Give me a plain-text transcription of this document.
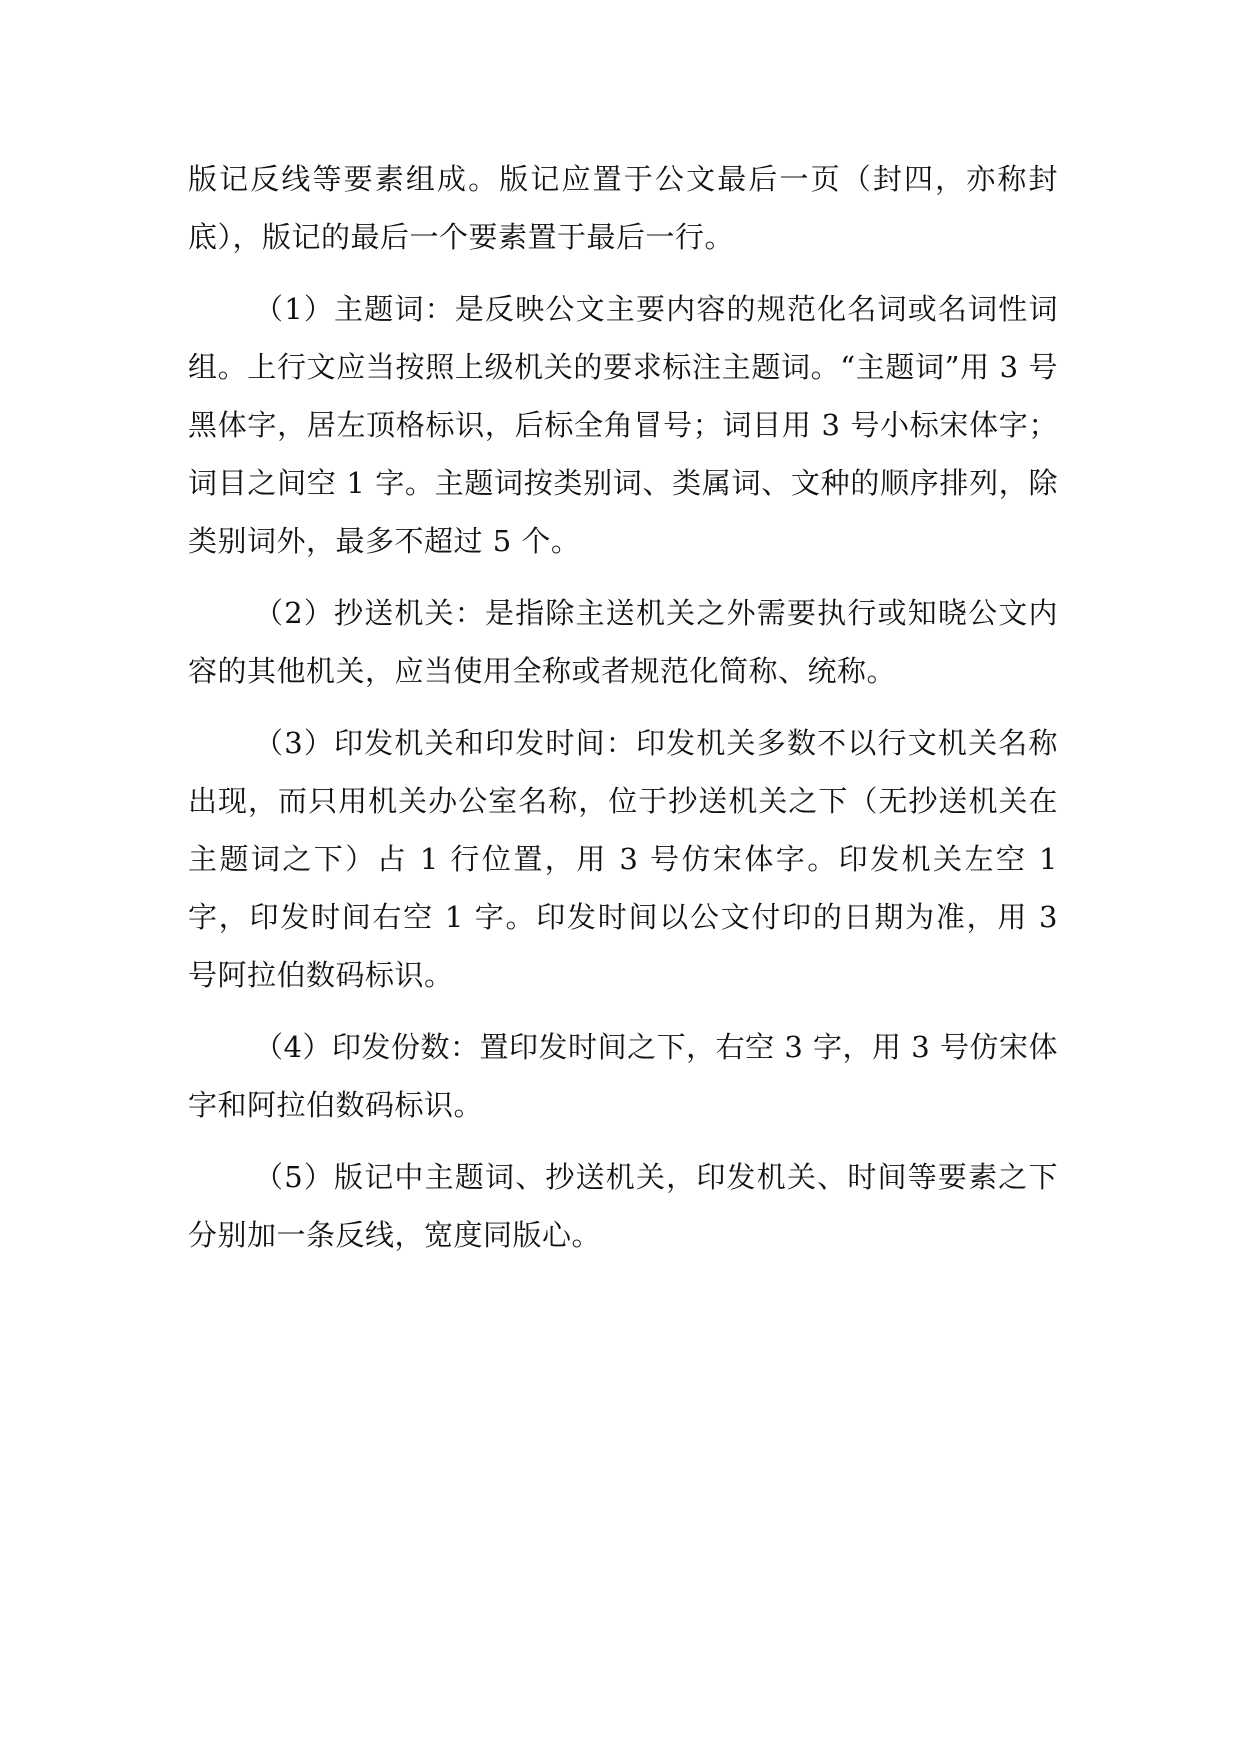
版记反线等要素组成。版记应置于公文最后一页（封四，亦称封底），版记的最后一个要素置于最后一行。

（1）主题词：是反映公文主要内容的规范化名词或名词性词组。上行文应当按照上级机关的要求标注主题词。“主题词”用 3 号黑体字，居左顶格标识，后标全角冒号；词目用 3 号小标宋体字；词目之间空 1 字。主题词按类别词、类属词、文种的顺序排列，除类别词外，最多不超过 5 个。

（2）抄送机关：是指除主送机关之外需要执行或知晓公文内容的其他机关，应当使用全称或者规范化简称、统称。

（3）印发机关和印发时间：印发机关多数不以行文机关名称出现，而只用机关办公室名称，位于抄送机关之下（无抄送机关在主题词之下）占 1 行位置，用 3 号仿宋体字。印发机关左空 1 字，印发时间右空 1 字。印发时间以公文付印的日期为准，用 3 号阿拉伯数码标识。

（4）印发份数：置印发时间之下，右空 3 字，用 3 号仿宋体字和阿拉伯数码标识。

（5）版记中主题词、抄送机关，印发机关、时间等要素之下分别加一条反线，宽度同版心。
